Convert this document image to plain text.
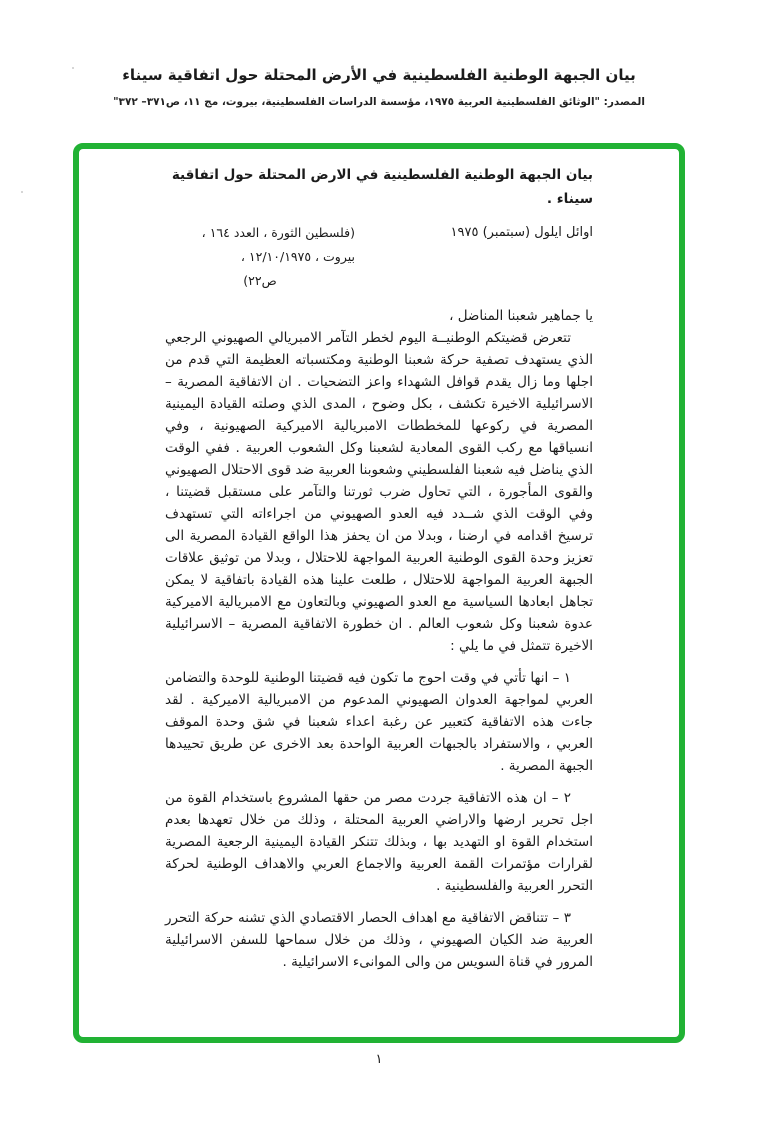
بيان الجبهة الوطنية الفلسطينية في الأرض المحتلة حول اتفاقية سيناء
المصدر: "الوثائق الفلسطينية العربية ١٩٧٥، مؤسسة الدراسات الفلسطينية، بيروت، مج ١١، ص٣٧١– ٣٧٢"
بيان الجبهة الوطنية الفلسطينية في الارض المحتلة حول اتفاقية سيناء .
اوائل ايلول (سبتمبر) ١٩٧٥
(فلسطين الثورة ، العدد ١٦٤ ،
بيروت ، ١٢/١٠/١٩٧٥ ،
ص٢٢)
يا جماهير شعبنا المناضل ،

تتعرض قضيتكم الوطنيــة اليوم لخطر التآمر الامبريالي الصهيوني الرجعي الذي يستهدف تصفية حركة شعبنا الوطنية ومكتسباته العظيمة التي قدم من اجلها وما زال يقدم قوافل الشهداء واعز التضحيات . ان الاتفاقية المصرية – الاسرائيلية الاخيرة تكشف ، بكل وضوح ، المدى الذي وصلته القيادة اليمينية المصرية في ركوعها للمخططات الامبريالية الاميركية الصهيونية ، وفي انسياقها مع ركب القوى المعادية لشعبنا وكل الشعوب العربية . ففي الوقت الذي يناضل فيه شعبنا الفلسطيني وشعوبنا العربية ضد قوى الاحتلال الصهيوني والقوى المأجورة ، التي تحاول ضرب ثورتنا والتآمر على مستقبل قضيتنا ، وفي الوقت الذي شــدد فيه العدو الصهيوني من اجراءاته التي تستهدف ترسيخ اقدامه في ارضنا ، وبدلا من ان يحفز هذا الواقع القيادة المصرية الى تعزيز وحدة القوى الوطنية العربية المواجهة للاحتلال ، وبدلا من توثيق علاقات الجبهة العربية المواجهة للاحتلال ، طلعت علينا هذه القيادة باتفاقية لا يمكن تجاهل ابعادها السياسية مع العدو الصهيوني وبالتعاون مع الامبريالية الاميركية عدوة شعبنا وكل شعوب العالم . ان خطورة الاتفاقية المصرية – الاسرائيلية الاخيرة تتمثل في ما يلي :

١ – انها تأتي في وقت احوج ما تكون فيه قضيتنا الوطنية للوحدة والتضامن العربي لمواجهة العدوان الصهيوني المدعوم من الامبريالية الاميركية . لقد جاءت هذه الاتفاقية كتعبير عن رغبة اعداء شعبنا في شق وحدة الموقف العربي ، والاستفراد بالجبهات العربية الواحدة بعد الاخرى عن طريق تحييدها الجبهة المصرية .

٢ – ان هذه الاتفاقية جردت مصر من حقها المشروع باستخدام القوة من اجل تحرير ارضها والاراضي العربية المحتلة ، وذلك من خلال تعهدها بعدم استخدام القوة او التهديد بها ، وبذلك تتنكر القيادة اليمينية الرجعية المصرية لقرارات مؤتمرات القمة العربية والاجماع العربي والاهداف الوطنية لحركة التحرر العربية والفلسطينية .

٣ – تتناقض الاتفاقية مع اهداف الحصار الاقتصادي الذي تشنه حركة التحرر العربية ضد الكيان الصهيوني ، وذلك من خلال سماحها للسفن الاسرائيلية المرور في قناة السويس من والى الموانىء الاسرائيلية .

١
